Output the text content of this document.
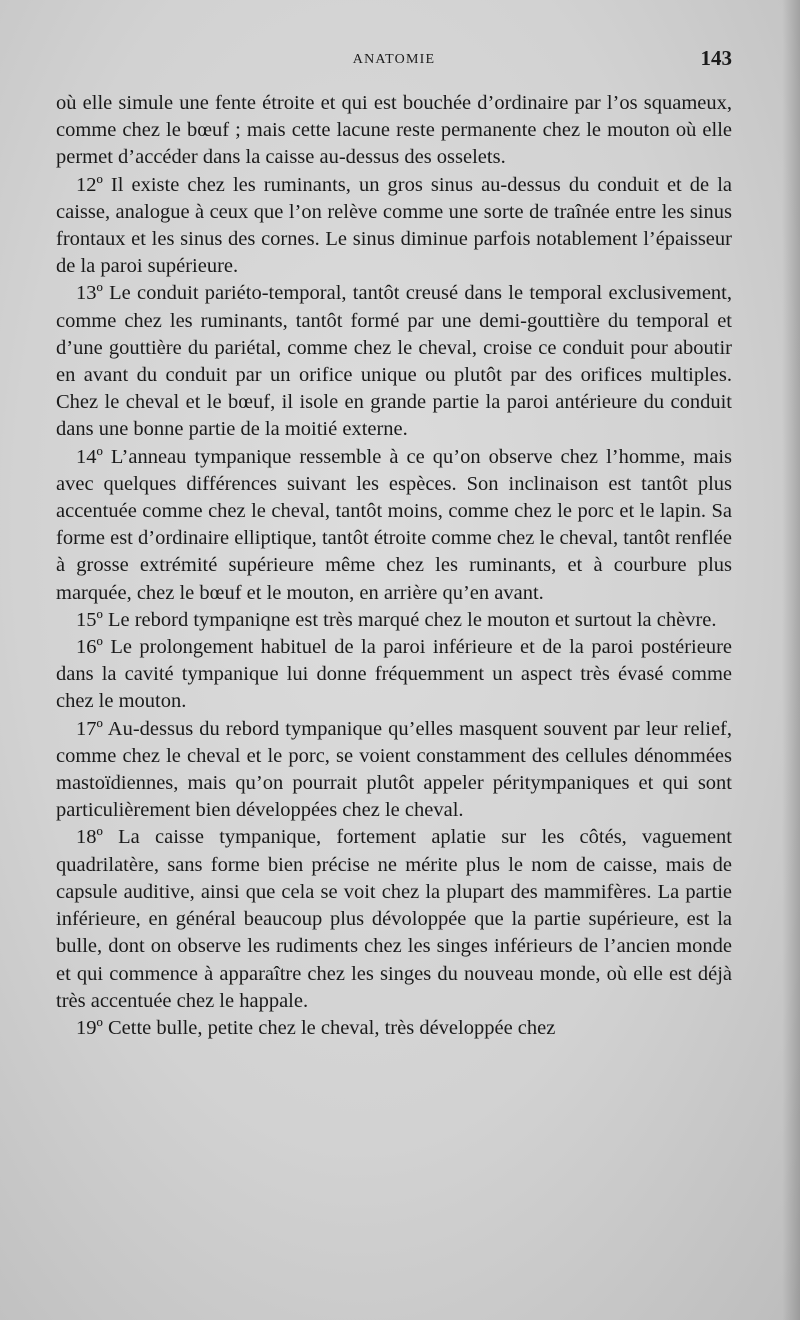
ANATOMIE	143

où elle simule une fente étroite et qui est bouchée d’ordinaire par l’os squameux, comme chez le bœuf ; mais cette lacune reste permanente chez le mouton où elle permet d’accéder dans la caisse au-dessus des osselets.

12º Il existe chez les ruminants, un gros sinus au-dessus du conduit et de la caisse, analogue à ceux que l’on relève comme une sorte de traînée entre les sinus frontaux et les sinus des cornes. Le sinus diminue parfois notablement l’épaisseur de la paroi supérieure.

13º Le conduit pariéto-temporal, tantôt creusé dans le temporal exclusivement, comme chez les ruminants, tantôt formé par une demi-gouttière du temporal et d’une gouttière du pariétal, comme chez le cheval, croise ce conduit pour aboutir en avant du conduit par un orifice unique ou plutôt par des orifices multiples. Chez le cheval et le bœuf, il isole en grande partie la paroi antérieure du conduit dans une bonne partie de la moitié externe.

14º L’anneau tympanique ressemble à ce qu’on observe chez l’homme, mais avec quelques différences suivant les espèces. Son inclinaison est tantôt plus accentuée comme chez le cheval, tantôt moins, comme chez le porc et le lapin. Sa forme est d’ordinaire elliptique, tantôt étroite comme chez le cheval, tantôt renflée à grosse extrémité supérieure même chez les ruminants, et à courbure plus marquée, chez le bœuf et le mouton, en arrière qu’en avant.

15º Le rebord tympaniqne est très marqué chez le mouton et surtout la chèvre.

16º Le prolongement habituel de la paroi inférieure et de la paroi postérieure dans la cavité tympanique lui donne fréquemment un aspect très évasé comme chez le mouton.

17º Au-dessus du rebord tympanique qu’elles masquent souvent par leur relief, comme chez le cheval et le porc, se voient constamment des cellules dénommées mastoïdiennes, mais qu’on pourrait plutôt appeler péritympaniques et qui sont particulièrement bien développées chez le cheval.

18º La caisse tympanique, fortement aplatie sur les côtés, vaguement quadrilatère, sans forme bien précise ne mérite plus le nom de caisse, mais de capsule auditive, ainsi que cela se voit chez la plupart des mammifères. La partie inférieure, en général beaucoup plus dévoloppée que la partie supérieure, est la bulle, dont on observe les rudiments chez les singes inférieurs de l’ancien monde et qui commence à apparaître chez les singes du nouveau monde, où elle est déjà très accentuée chez le happale.

19º Cette bulle, petite chez le cheval, très développée chez
